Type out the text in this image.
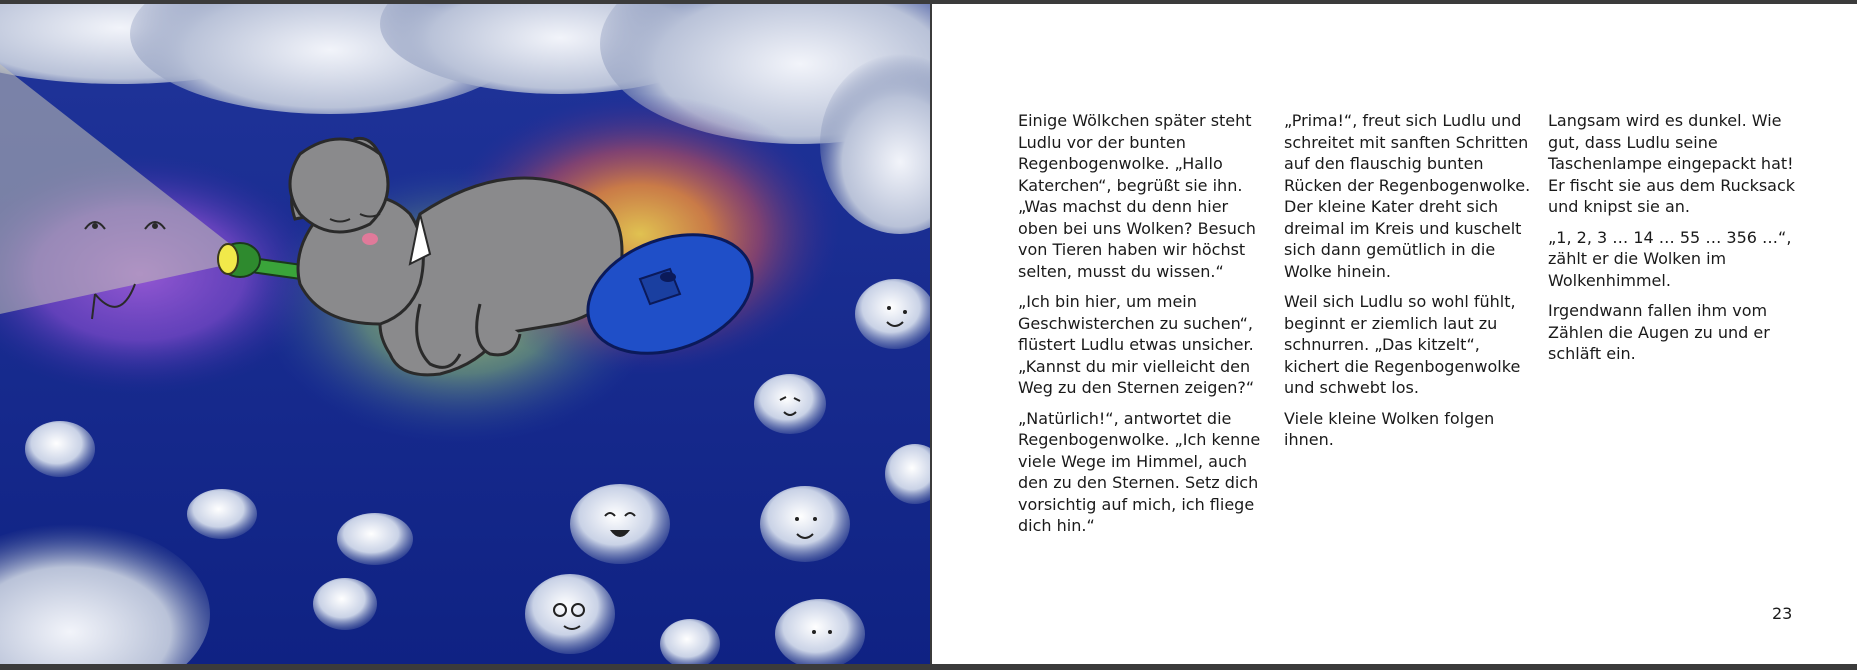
Einige Wölkchen später steht Ludlu vor der bunten Regenbogenwolke. „Hallo Katerchen“, begrüßt sie ihn. „Was machst du denn hier oben bei uns Wolken? Besuch von Tieren haben wir höchst selten, musst du wissen.“

„Ich bin hier, um mein Geschwisterchen zu suchen“, flüstert Ludlu etwas unsicher. „Kannst du mir vielleicht den Weg zu den Sternen zeigen?“

„Natürlich!“, antwortet die Regenbogenwolke. „Ich kenne viele Wege im Himmel, auch den zu den Sternen. Setz dich vorsichtig auf mich, ich fliege dich hin.“

„Prima!“, freut sich Ludlu und schreitet mit sanften Schritten auf den flauschig bunten Rücken der Regenbogenwolke. Der kleine Kater dreht sich dreimal im Kreis und kuschelt sich dann gemütlich in die Wolke hinein.

Weil sich Ludlu so wohl fühlt, beginnt er ziemlich laut zu schnurren. „Das kitzelt“, kichert die Regenbogenwolke und schwebt los.

Viele kleine Wolken folgen ihnen.

Langsam wird es dunkel. Wie gut, dass Ludlu seine Taschenlampe eingepackt hat! Er fischt sie aus dem Rucksack und knipst sie an.

„1, 2, 3 … 14 … 55 … 356 …“, zählt er die Wolken im Wolkenhimmel.

Irgendwann fallen ihm vom Zählen die Augen zu und er schläft ein.

23
